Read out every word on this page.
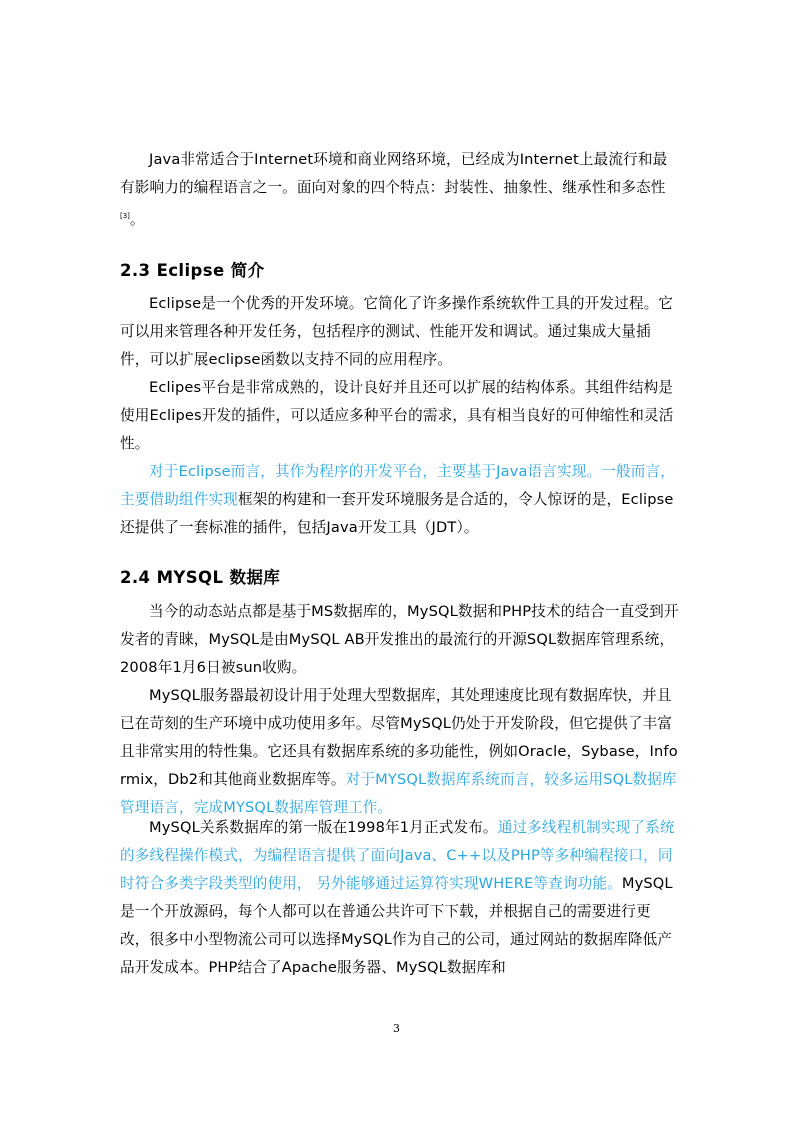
Java非常适合于Internet环境和商业网络环境，已经成为Internet上最流行和最有影响力的编程语言之一。面向对象的四个特点：封装性、抽象性、继承性和多态性[3]。

2.3 Eclipse 简介

Eclipse是一个优秀的开发环境。它简化了许多操作系统软件工具的开发过程。它可以用来管理各种开发任务，包括程序的测试、性能开发和调试。通过集成大量插件，可以扩展eclipse函数以支持不同的应用程序。

Eclipes平台是非常成熟的，设计良好并且还可以扩展的结构体系。其组件结构是使用Eclipes开发的插件，可以适应多种平台的需求，具有相当良好的可伸缩性和灵活性。

对于Eclipse而言，其作为程序的开发平台，主要基于Java语言实现。一般而言，主要借助组件实现框架的构建和一套开发环境服务是合适的，令人惊讶的是，Eclipse还提供了一套标准的插件，包括Java开发工具（JDT）。

2.4 MYSQL 数据库

当今的动态站点都是基于MS数据库的，MySQL数据和PHP技术的结合一直受到开发者的青睐，MySQL是由MySQL AB开发推出的最流行的开源SQL数据库管理系统，2008年1月6日被sun收购。

MySQL服务器最初设计用于处理大型数据库，其处理速度比现有数据库快，并且已在苛刻的生产环境中成功使用多年。尽管MySQL仍处于开发阶段，但它提供了丰富且非常实用的特性集。它还具有数据库系统的多功能性，例如Oracle，Sybase，Informix，Db2和其他商业数据库等。对于MYSQL数据库系统而言，较多运用SQL数据库管理语言，完成MYSQL数据库管理工作。

MySQL关系数据库的第一版在1998年1月正式发布。通过多线程机制实现了系统的多线程操作模式，为编程语言提供了面向Java、C++以及PHP等多种编程接口，同时符合多类字段类型的使用， 另外能够通过运算符实现WHERE等查询功能。MySQL是一个开放源码，每个人都可以在普通公共许可下下载，并根据自己的需要进行更改，很多中小型物流公司可以选择MySQL作为自己的公司，通过网站的数据库降低产品开发成本。PHP结合了Apache服务器、MySQL数据库和

3
